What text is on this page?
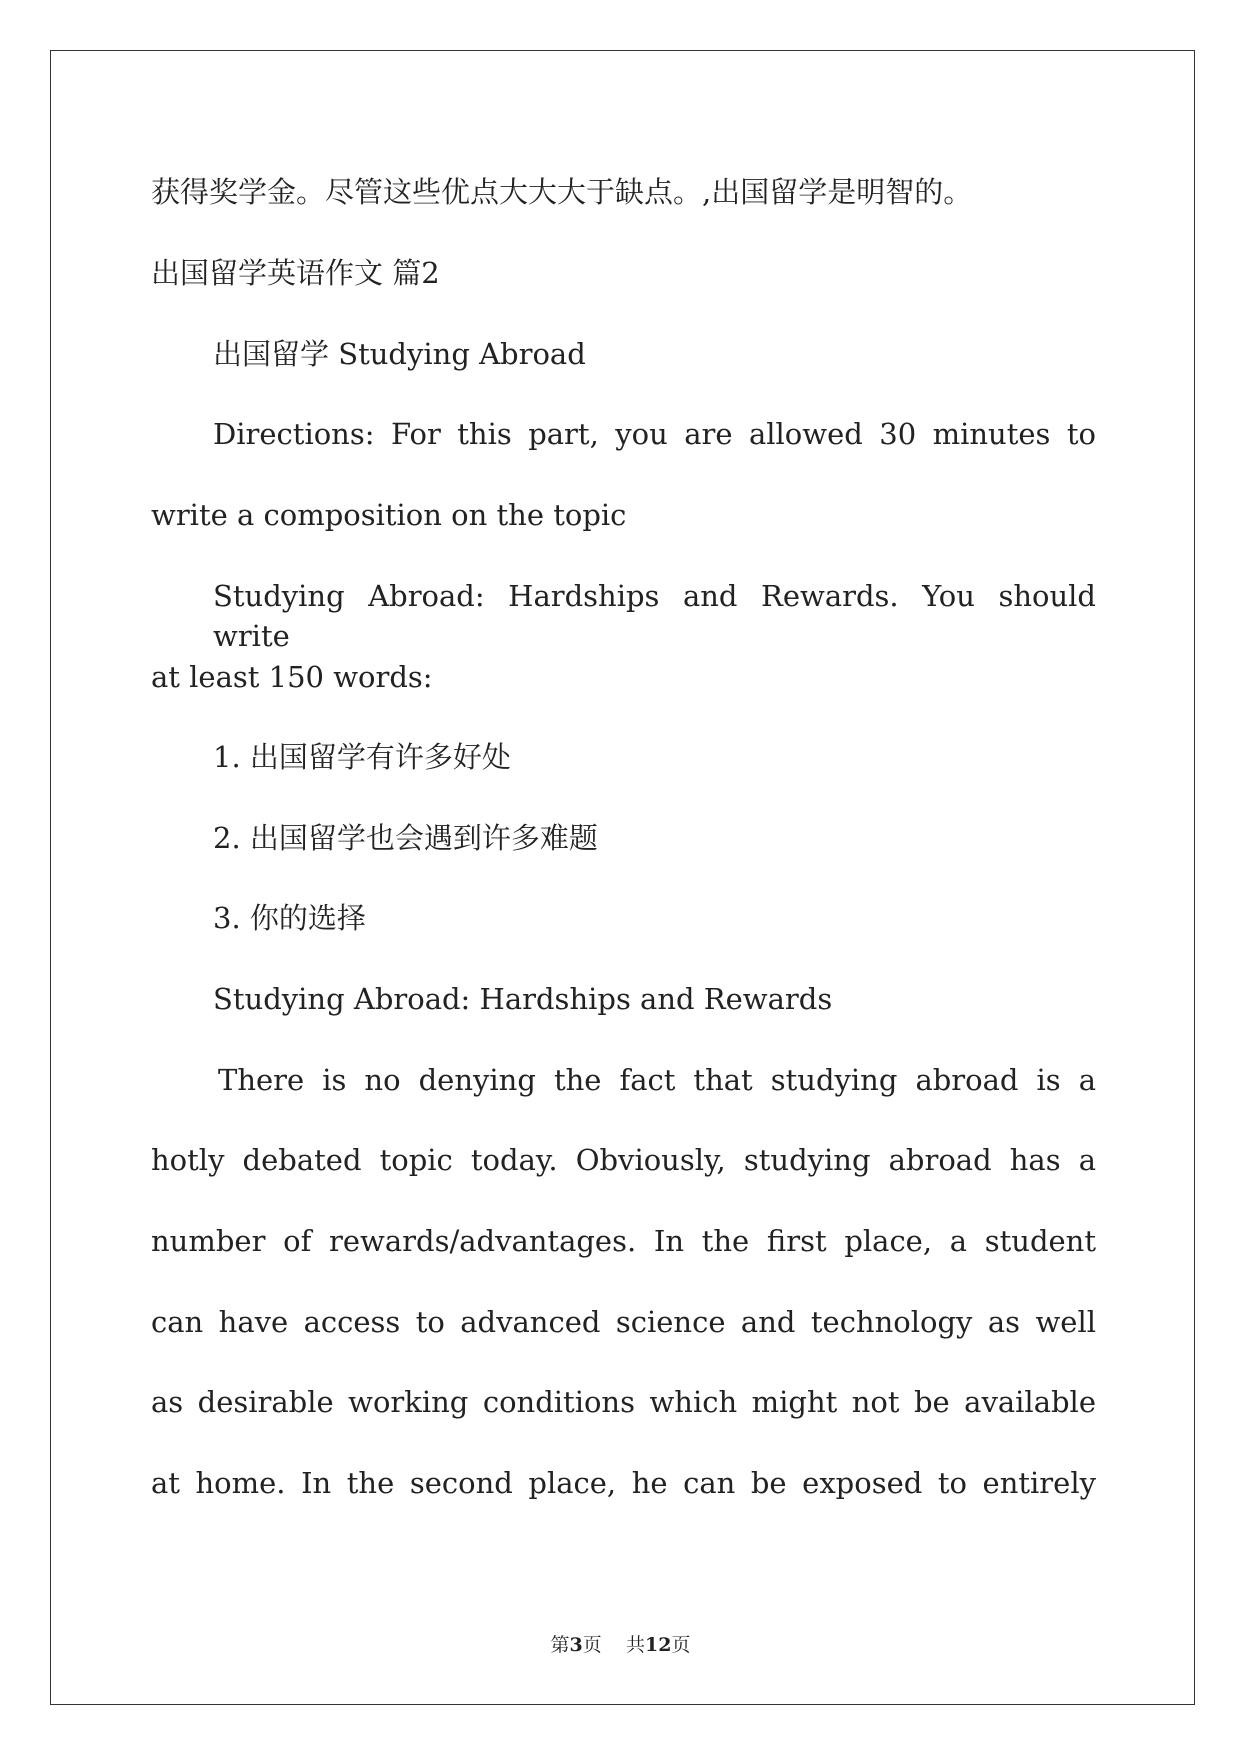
获得奖学金。尽管这些优点大大大于缺点。,出国留学是明智的。
出国留学英语作文 篇2
出国留学 Studying Abroad
Directions: For this part, you are allowed 30 minutes to
write a composition on the topic
Studying Abroad: Hardships and Rewards. You should write
at least 150 words:
1. 出国留学有许多好处
2. 出国留学也会遇到许多难题
3. 你的选择
Studying Abroad: Hardships and Rewards
There is no denying the fact that studying abroad is a
hotly debated topic today. Obviously, studying abroad has a
number of rewards/advantages. In the first place, a student
can have access to advanced science and technology as well
as desirable working conditions which might not be available
at home. In the second place, he can be exposed to entirely
第3页 共12页
